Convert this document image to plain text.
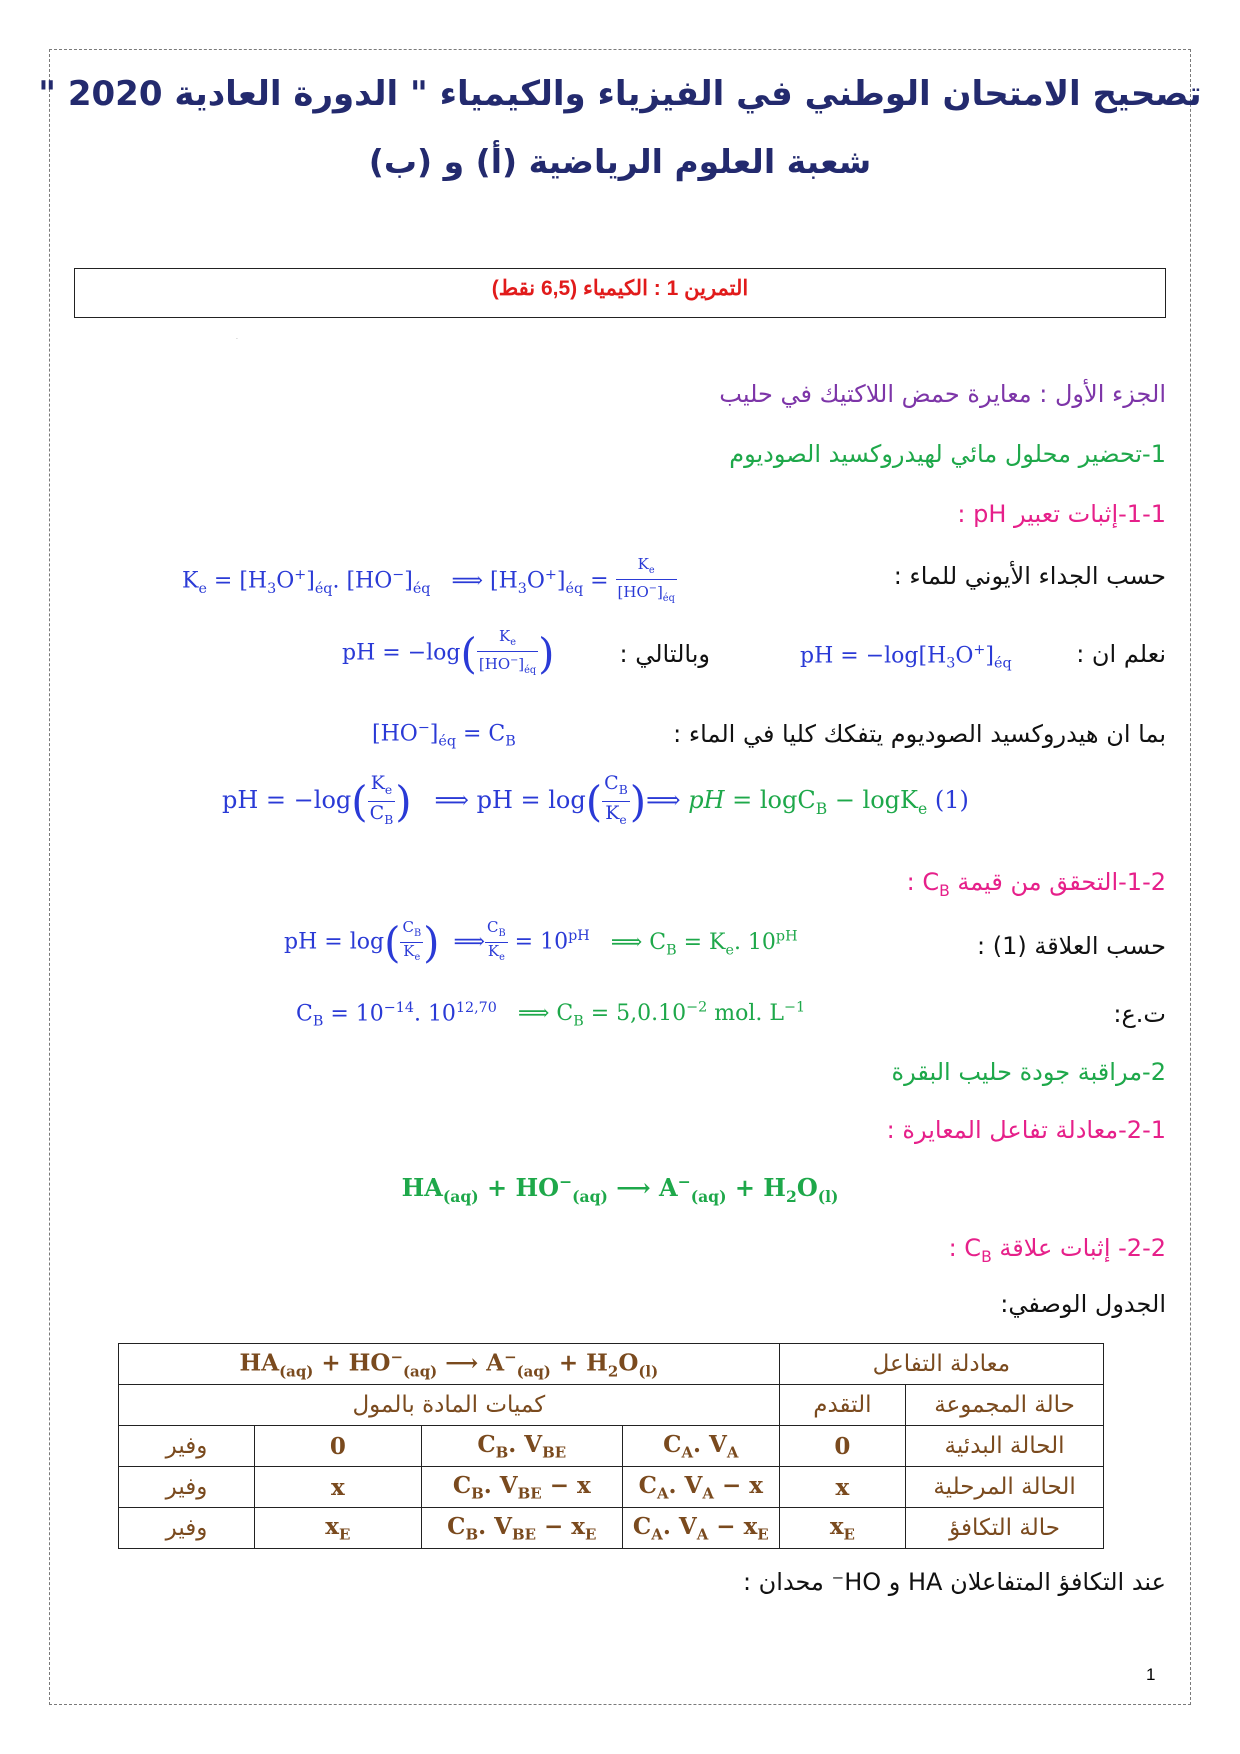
تصحيح الامتحان الوطني في الفيزياء والكيمياء " الدورة العادية 2020 "
شعبة العلوم الرياضية (أ) و (ب)
التمرين 1 : الكيمياء (6,5 نقط)
.
الجزء الأول : معايرة حمض اللاكتيك في حليب
1-تحضير محلول مائي لهيدروكسيد الصوديوم
1-1-إثبات تعبير pH :
حسب الجداء الأيوني للماء :
$K_e = [H_3O^+]_{éq}$. $[HO^-]_{éq}$   ⟹ $[H_3O^+]_{éq} = \frac{K_e}{[HO^-]_{éq}}$
نعلم ان :
pH = $-\log[H_3O^+]_{éq}$
وبالتالي :
pH = $-\log( \frac{K_e}{[HO^-]_{éq}}$ )
بما ان هيدروكسيد الصوديوم يتفكك كليا في الماء :
$[HO^-]_{éq} = C_B$
pH = $-\log( \frac{K_e}{C_B}$ )   ⟹ pH = $\log( \frac{C_B}{K_e}$ )⟹ pH = logC$_B$ − logK$_e$ (1)
1-2-التحقق من قيمة $C_B$ :
حسب العلاقة (1) :
pH = $\log( \frac{C_B}{K_e}$ )  ⟹ $\frac{C_B}{K_e} = 10^{pH}$ ⟹ $C_B = K_e$. $10^{pH}$
ت.ع:
$C_B = 10^{-14}$. 10$^{12,70}$ ⟹ $C_B = 5,0.10^{-2}$ mol. $L^{-1}$
2-مراقبة جودة حليب البقرة
2-1-معادلة تفاعل المعايرة :
$HA_{(aq)} + HO^-_{(aq)}$ ⟶ $A^-_{(aq)} + H_2O_{(l)}$
2-2- إثبات علاقة $C_B$ :
الجدول الوصفي:
معادلة التفاعل		$HA_{(aq)} + HO^-_{(aq)}$ ⟶ $A^-_{(aq)} + H_2O_{(l)}$
حالة المجموعة	التقدم	كميات المادة بالمول			
الحالة البدئية	0	$C_A$. $V_A$	$C_B$. $V_{BE}$	0	وفير
الحالة المرحلية	x	$C_A$. $V_A - x$	$C_B$. $V_{BE} - x$	x	وفير
حالة التكافؤ	$x_E$	$C_A$. $V_A - x_E$	$C_B$. $V_{BE} - x_E$	$x_E$	وفير
عند التكافؤ المتفاعلان HA و HO⁻ محدان :
1
